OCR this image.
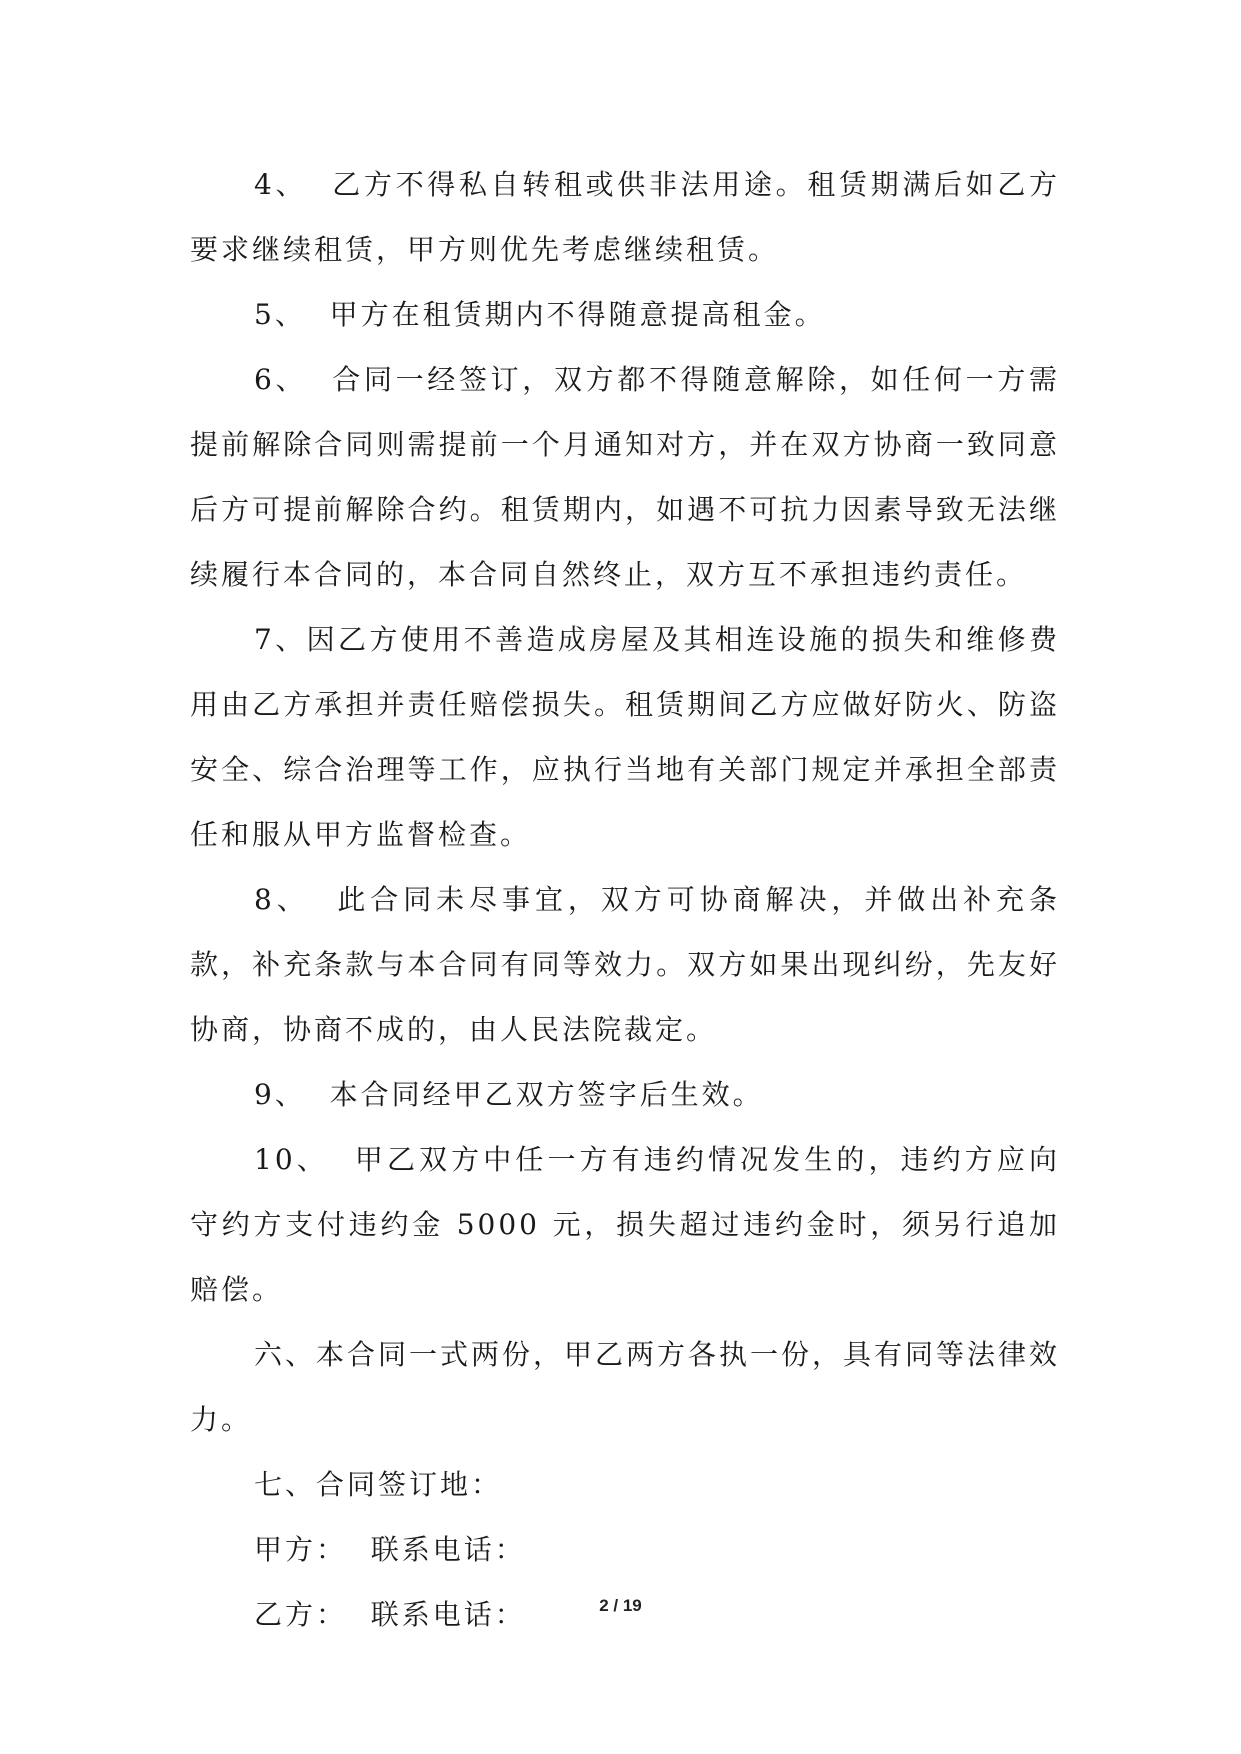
4、  乙方不得私自转租或供非法用途。租赁期满后如乙方要求继续租赁，甲方则优先考虑继续租赁。

5、  甲方在租赁期内不得随意提高租金。

6、  合同一经签订，双方都不得随意解除，如任何一方需提前解除合同则需提前一个月通知对方，并在双方协商一致同意后方可提前解除合约。租赁期内，如遇不可抗力因素导致无法继续履行本合同的，本合同自然终止，双方互不承担违约责任。

7、因乙方使用不善造成房屋及其相连设施的损失和维修费用由乙方承担并责任赔偿损失。租赁期间乙方应做好防火、防盗安全、综合治理等工作，应执行当地有关部门规定并承担全部责任和服从甲方监督检查。

8、  此合同未尽事宜，双方可协商解决，并做出补充条款，补充条款与本合同有同等效力。双方如果出现纠纷，先友好协商，协商不成的，由人民法院裁定。

9、  本合同经甲乙双方签字后生效。

10、  甲乙双方中任一方有违约情况发生的，违约方应向守约方支付违约金 5000 元，损失超过违约金时，须另行追加赔偿。

六、本合同一式两份，甲乙两方各执一份，具有同等法律效力。

七、合同签订地：

甲方：  联系电话：

乙方：  联系电话：	2 / 19
